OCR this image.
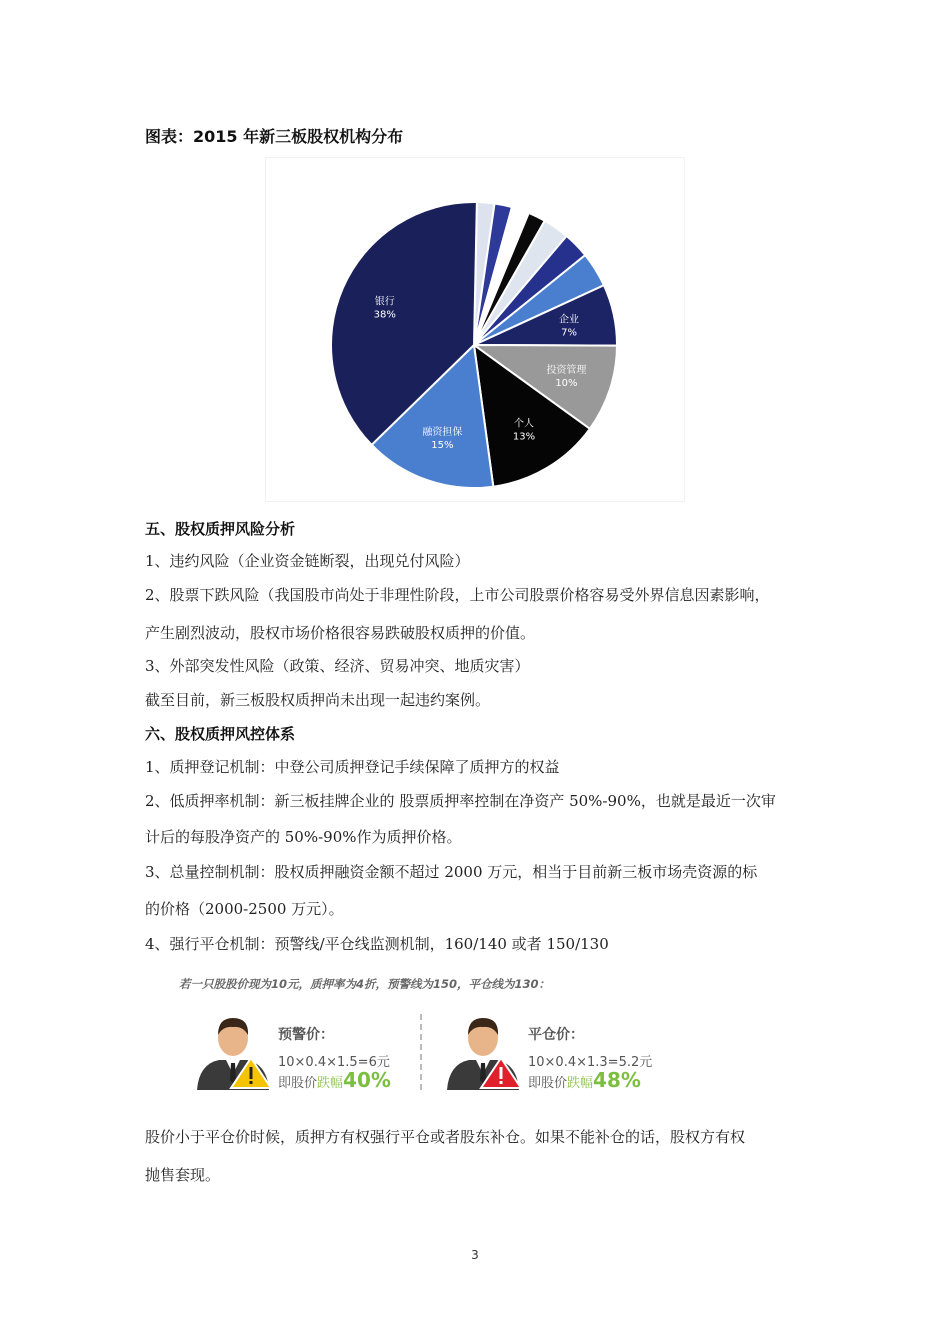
图表：2015 年新三板股权机构分布
企业
7%
投资管理
10%
个人
13%
融资担保
15%
银行
38%
五、股权质押风险分析
1、违约风险（企业资金链断裂，出现兑付风险）
2、股票下跌风险（我国股市尚处于非理性阶段，上市公司股票价格容易受外界信息因素影响，
产生剧烈波动，股权市场价格很容易跌破股权质押的价值。
3、外部突发性风险（政策、经济、贸易冲突、地质灾害）
截至目前，新三板股权质押尚未出现一起违约案例。
六、股权质押风控体系
1、质押登记机制：中登公司质押登记手续保障了质押方的权益
2、低质押率机制：新三板挂牌企业的 股票质押率控制在净资产 50%-90%，也就是最近一次审
计后的每股净资产的 50%-90%作为质押价格。
3、总量控制机制：股权质押融资金额不超过 2000 万元，相当于目前新三板市场壳资源的标
的价格（2000-2500 万元）。
4、强行平仓机制：预警线/平仓线监测机制，160/140 或者 150/130
若一只股股价现为10元，质押率为4折，预警线为150，平仓线为130：
预警价：
10×0.4×1.5=6元
即股价跌幅40%
平仓价：
10×0.4×1.3=5.2元
即股价跌幅48%
股价小于平仓价时候，质押方有权强行平仓或者股东补仓。如果不能补仓的话，股权方有权
抛售套现。
3
